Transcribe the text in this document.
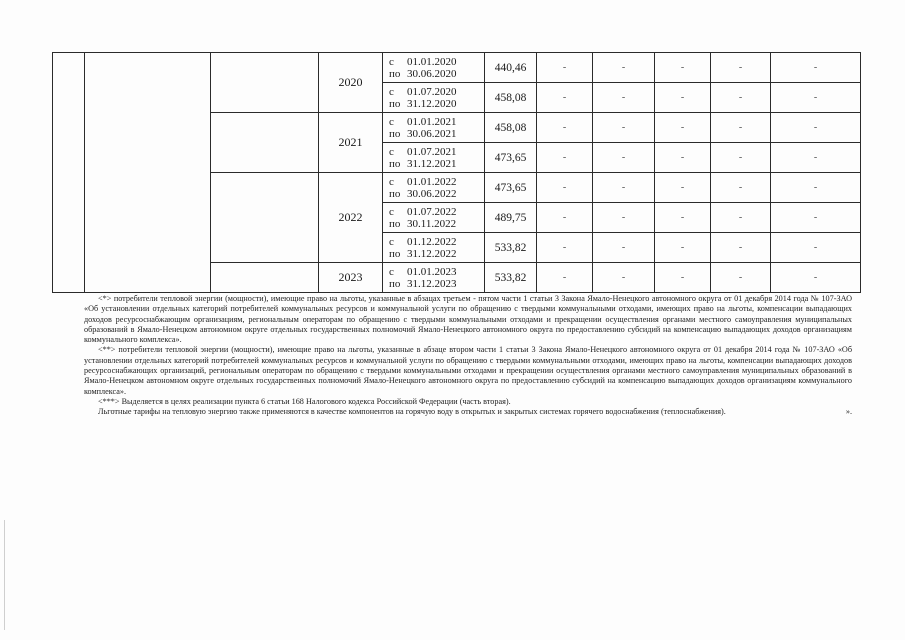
			2020	с 01.01.2020
по 30.06.2020	440,46	-	-	-	-	-

				с 01.07.2020
по 31.12.2020	458,08	-	-	-	-	-
			2021	с 01.01.2021
по 30.06.2021	458,08	-	-	-	-	-

				с 01.07.2021
по 31.12.2021	473,65	-	-	-	-	-
			2022	с 01.01.2022
по 30.06.2022	473,65	-	-	-	-	-

				с 01.07.2022
по 30.11.2022	489,75	-	-	-	-	-

				с 01.12.2022
по 31.12.2022	533,82	-	-	-	-	-
			2023	с 01.01.2023
по 31.12.2023	533,82	-	-	-	-	-

<*> потребители тепловой энергии (мощности), имеющие право на льготы, указанные в абзацах третьем - пятом части 1 статьи 3 Закона Ямало-Ненецкого автономного округа от 01 декабря 2014 года № 107-ЗАО «Об установлении отдельных категорий потребителей коммунальных ресурсов и коммунальной услуги по обращению с твердыми коммунальными отходами, имеющих право на льготы, компенсации выпадающих доходов ресурсоснабжающим организациям, региональным операторам по обращению с твердыми коммунальными отходами и прекращении осуществления органами местного самоуправления муниципальных образований в Ямало-Ненецком автономном округе отдельных государственных полномочий Ямало-Ненецкого автономного округа по предоставлению субсидий на компенсацию выпадающих доходов организациям коммунального комплекса».

<**> потребители тепловой энергии (мощности), имеющие право на льготы, указанные в абзаце втором части 1 статьи 3 Закона Ямало-Ненецкого автономного округа от 01 декабря 2014 года № 107-ЗАО «Об установлении отдельных категорий потребителей коммунальных ресурсов и коммунальной услуги по обращению с твердыми коммунальными отходами, имеющих право на льготы, компенсации выпадающих доходов ресурсоснабжающих организаций, региональным операторам по обращению с твердыми коммунальными отходами и прекращении осуществления органами местного самоуправления муниципальных образований в Ямало-Ненецком автономном округе отдельных государственных полномочий Ямало-Ненецкого автономного округа по предоставлению субсидий на компенсацию выпадающих доходов организациям коммунального комплекса».

<***> Выделяется в целях реализации пункта 6 статьи 168 Налогового кодекса Российской Федерации (часть вторая).

Льготные тарифы на тепловую энергию также применяются в качестве компонентов на горячую воду в открытых и закрытых системах горячего водоснабжения (теплоснабжения).	».
